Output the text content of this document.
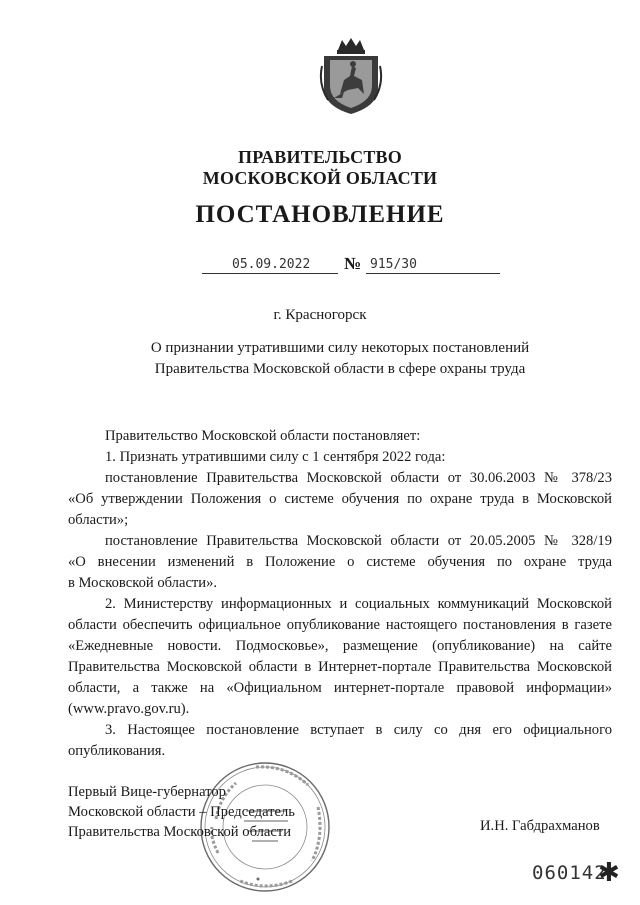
ПРАВИТЕЛЬСТВО
МОСКОВСКОЙ ОБЛАСТИ
ПОСТАНОВЛЕНИЕ
05.09.2022 № 915/30
г. Красногорск
О признании утратившими силу некоторых постановлений
Правительства Московской области в сфере охраны труда
Правительство Московской области постановляет:
1. Признать утратившими силу с 1 сентября 2022 года:
постановление Правительства Московской области от 30.06.2003 № 378/23
«Об утверждении Положения о системе обучения по охране труда в Московской
области»;
постановление Правительства Московской области от 20.05.2005 № 328/19
«О внесении изменений в Положение о системе обучения по охране труда
в Московской области».
2. Министерству информационных и социальных коммуникаций Московской
области обеспечить официальное опубликование настоящего постановления в газете
«Ежедневные новости. Подмосковье», размещение (опубликование) на сайте
Правительства Московской области в Интернет-портале Правительства Московской
области, а также на «Официальном интернет-портале правовой информации»
(www.pravo.gov.ru).
3. Настоящее постановление вступает в силу со дня его официального
опубликования.
Первый Вице-губернатор
Московской области – Председатель
Правительства Московской области	И.Н. Габдрахманов
060142
✱
